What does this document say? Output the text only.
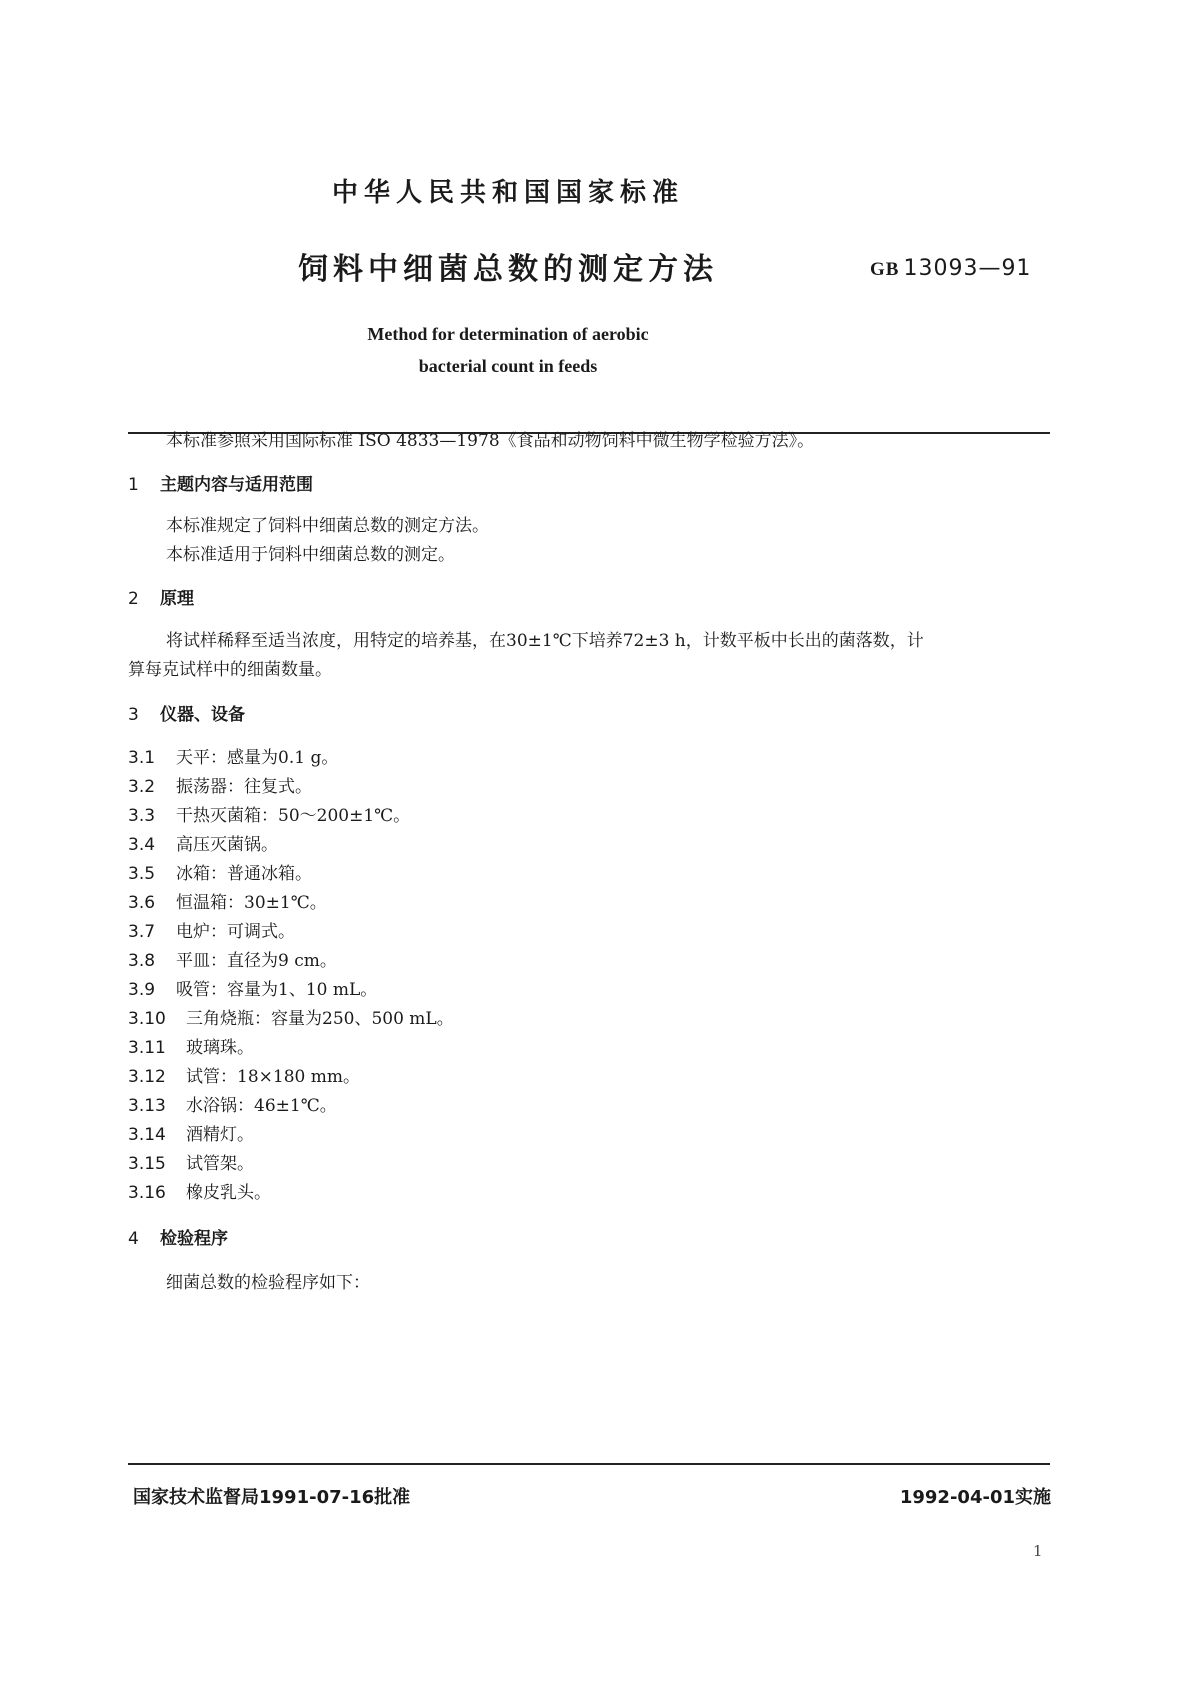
中华人民共和国国家标准
饲料中细菌总数的测定方法	GB 13093—91
Method for determination of aerobic
bacterial count in feeds
本标准参照采用国际标准 ISO 4833—1978《食品和动物饲料中微生物学检验方法》。
1 主题内容与适用范围
本标准规定了饲料中细菌总数的测定方法。
本标准适用于饲料中细菌总数的测定。
2 原理
将试样稀释至适当浓度，用特定的培养基，在30±1℃下培养72±3 h，计数平板中长出的菌落数，计
算每克试样中的细菌数量。
3 仪器、设备
3.1 天平：感量为0.1 g。
3.2 振荡器：往复式。
3.3 干热灭菌箱：50～200±1℃。
3.4 高压灭菌锅。
3.5 冰箱：普通冰箱。
3.6 恒温箱：30±1℃。
3.7 电炉：可调式。
3.8 平皿：直径为9 cm。
3.9 吸管：容量为1、10 mL。
3.10 三角烧瓶：容量为250、500 mL。
3.11 玻璃珠。
3.12 试管：18×180 mm。
3.13 水浴锅：46±1℃。
3.14 酒精灯。
3.15 试管架。
3.16 橡皮乳头。
4 检验程序
细菌总数的检验程序如下：
国家技术监督局1991-07-16批准	1992-04-01实施
1
